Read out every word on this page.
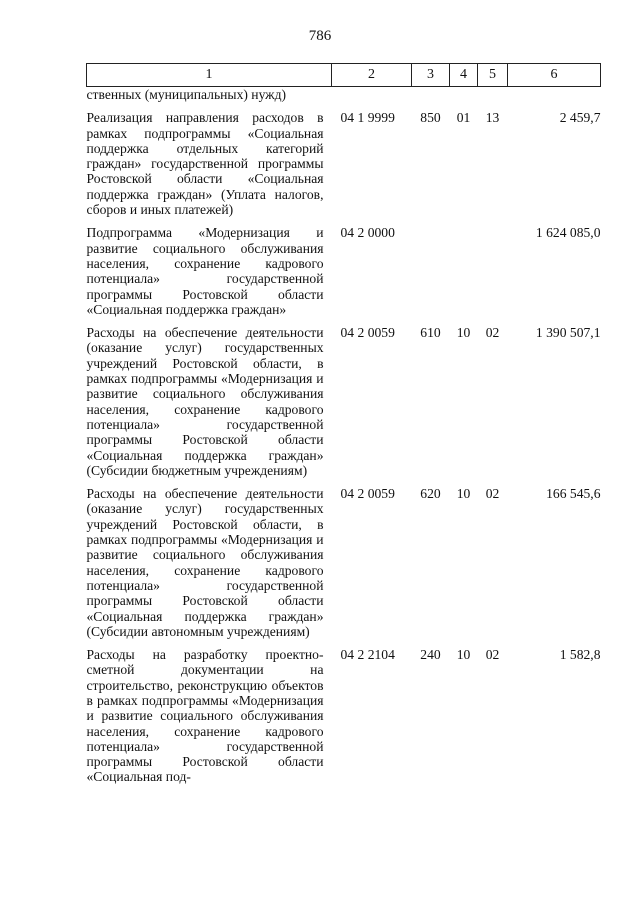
786
1	2	3	4	5	6
ственных (муниципальных) нужд)					

Реализация направления расходов в рамках подпрограммы «Социальная поддержка отдельных категорий граждан» государственной программы Ростовской области «Социальная поддержка граждан» (Уплата налогов, сборов и иных платежей)	04 1 9999	850	01	13	2 459,7

Подпрограмма «Модернизация и развитие социального обслуживания населения, сохранение кадрового потенциала» государственной программы Ростовской области «Социальная поддержка граждан»	04 2 0000				1 624 085,0

Расходы на обеспечение деятельности (оказание услуг) государственных учреждений Ростовской области, в рамках подпрограммы «Модернизация и развитие социального обслуживания населения, сохранение кадрового потенциала» государственной программы Ростовской области «Социальная поддержка граждан» (Субсидии бюджетным учреждениям)	04 2 0059	610	10	02	1 390 507,1

Расходы на обеспечение деятельности (оказание услуг) государственных учреждений Ростовской области, в рамках подпрограммы «Модернизация и развитие социального обслуживания населения, сохранение кадрового потенциала» государственной программы Ростовской области «Социальная поддержка граждан» (Субсидии автономным учреждениям)	04 2 0059	620	10	02	166 545,6

Расходы на разработку проектно-сметной документации на строительство, реконструкцию объектов в рамках подпрограммы «Модернизация и развитие социального обслуживания населения, сохранение кадрового потенциала» государственной программы Ростовской области «Социальная под-	04 2 2104	240	10	02	1 582,8
